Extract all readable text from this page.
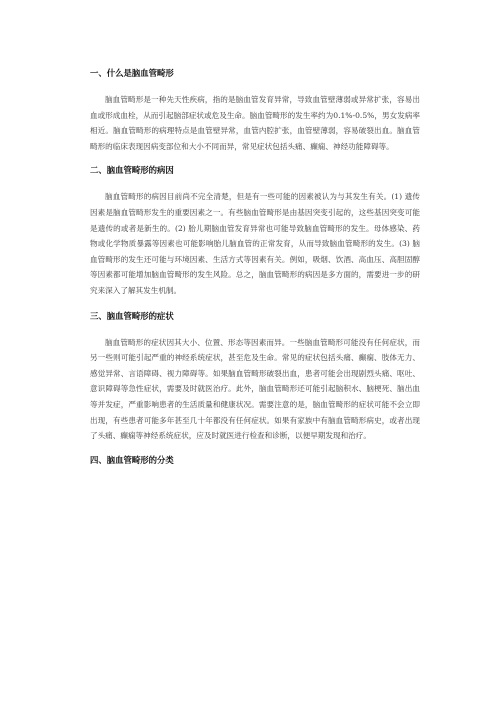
一、什么是脑血管畸形

脑血管畸形是一种先天性疾病，指的是脑血管发育异常，导致血管壁薄弱或异常扩张，容易出血或形成血栓，从而引起脑部症状或危及生命。脑血管畸形的发生率约为0.1%-0.5%，男女发病率相近。脑血管畸形的病理特点是血管壁异常，血管内腔扩张，血管壁薄弱，容易破裂出血。脑血管畸形的临床表现因病变部位和大小不同而异，常见症状包括头痛、癫痫、神经功能障碍等。

二、脑血管畸形的病因

脑血管畸形的病因目前尚不完全清楚，但是有一些可能的因素被认为与其发生有关。(1) 遗传因素是脑血管畸形发生的重要因素之一。有些脑血管畸形是由基因突变引起的，这些基因突变可能是遗传的或者是新生的。(2) 胎儿期脑血管发育异常也可能导致脑血管畸形的发生。母体感染、药物或化学物质暴露等因素也可能影响胎儿脑血管的正常发育，从而导致脑血管畸形的发生。(3) 脑血管畸形的发生还可能与环境因素、生活方式等因素有关。例如，吸烟、饮酒、高血压、高胆固醇等因素都可能增加脑血管畸形的发生风险。总之，脑血管畸形的病因是多方面的，需要进一步的研究来深入了解其发生机制。

三、脑血管畸形的症状

脑血管畸形的症状因其大小、位置、形态等因素而异。一些脑血管畸形可能没有任何症状，而另一些则可能引起严重的神经系统症状，甚至危及生命。常见的症状包括头痛、癫痫、肢体无力、感觉异常、言语障碍、视力障碍等。如果脑血管畸形破裂出血，患者可能会出现剧烈头痛、呕吐、意识障碍等急性症状，需要及时就医治疗。此外，脑血管畸形还可能引起脑积水、脑梗死、脑出血等并发症，严重影响患者的生活质量和健康状况。需要注意的是，脑血管畸形的症状可能不会立即出现，有些患者可能多年甚至几十年都没有任何症状。如果有家族中有脑血管畸形病史，或者出现了头痛、癫痫等神经系统症状，应及时就医进行检查和诊断，以便早期发现和治疗。

四、脑血管畸形的分类
